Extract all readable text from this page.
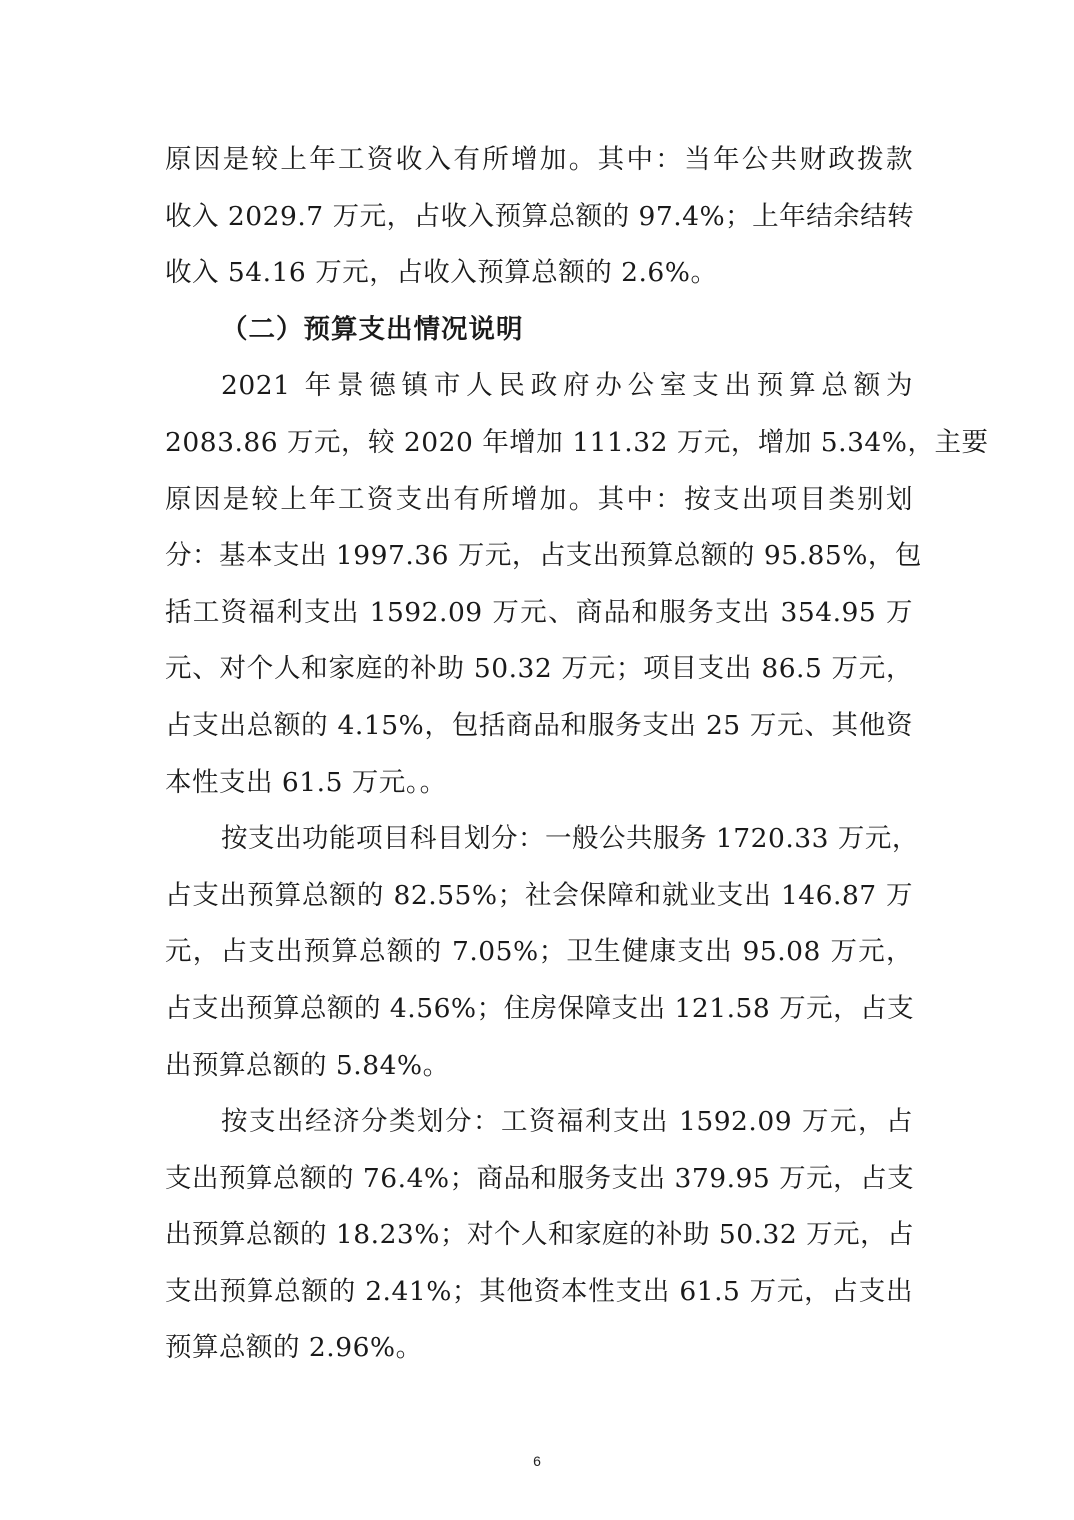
原因是较上年工资收入有所增加。其中：当年公共财政拨款
收入 2029.7 万元，占收入预算总额的 97.4%；上年结余结转
收入 54.16 万元，占收入预算总额的 2.6%。
（二）预算支出情况说明
2021 年景德镇市人民政府办公室支出预算总额为
2083.86 万元，较 2020 年增加 111.32 万元，增加 5.34%，主要
原因是较上年工资支出有所增加。其中：按支出项目类别划
分：基本支出 1997.36 万元，占支出预算总额的 95.85%，包
括工资福利支出 1592.09 万元、商品和服务支出 354.95 万
元、对个人和家庭的补助 50.32 万元；项目支出 86.5 万元，
占支出总额的 4.15%，包括商品和服务支出 25 万元、其他资
本性支出 61.5 万元。。
按支出功能项目科目划分：一般公共服务 1720.33 万元，
占支出预算总额的 82.55%；社会保障和就业支出 146.87 万
元，占支出预算总额的 7.05%；卫生健康支出 95.08 万元，
占支出预算总额的 4.56%；住房保障支出 121.58 万元，占支
出预算总额的 5.84%。
按支出经济分类划分：工资福利支出 1592.09 万元，占
支出预算总额的 76.4%；商品和服务支出 379.95 万元，占支
出预算总额的 18.23%；对个人和家庭的补助 50.32 万元，占
支出预算总额的 2.41%；其他资本性支出 61.5 万元，占支出
预算总额的 2.96%。
6
